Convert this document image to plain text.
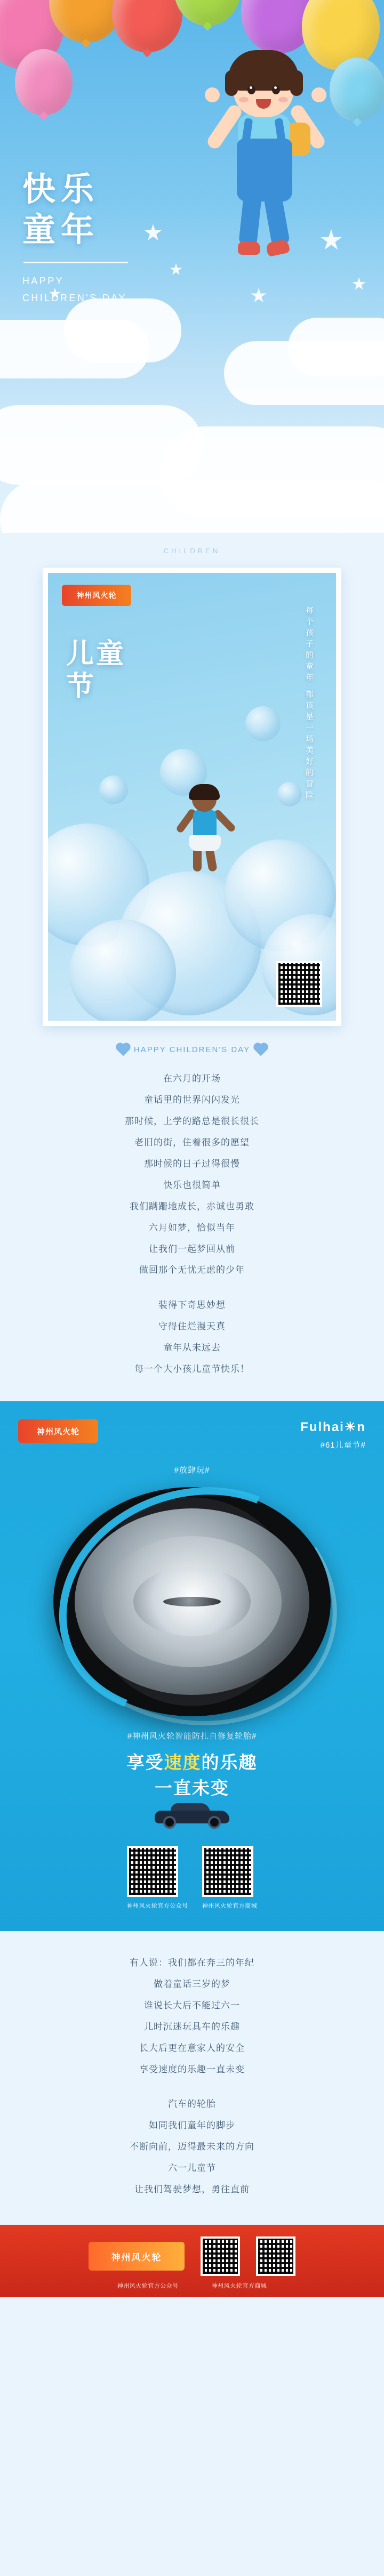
快乐
童年
HAPPY
CHILDREN'S DAY
CHILDREN
神州风火轮
每个孩子的童年 都该是一场美好的冒险
儿童
节
HAPPY CHILDREN'S DAY
在六月的开场
童话里的世界闪闪发光
那时候，上学的路总是很长很长
老旧的街，住着很多的愿望
那时候的日子过得很慢
快乐也很简单
我们蹒跚地成长，赤诚也勇敢
六月如梦，恰似当年
让我们一起梦回从前
做回那个无忧无虑的少年
装得下奇思妙想
守得住烂漫天真
童年从未远去
每一个大小孩儿童节快乐！
神州风火轮	Fulhai☀n
#61儿童节#
#放肆玩#
#神州风火轮智能防扎自修复轮胎#
享受速度的乐趣
一直未变
神州风火轮官方公众号 神州风火轮官方商城
有人说：我们都在奔三的年纪
做着童话三岁的梦
谁说长大后不能过六一
儿时沉迷玩具车的乐趣
长大后更在意家人的安全
享受速度的乐趣一直未变
汽车的轮胎
如同我们童年的脚步
不断向前，迈得最未来的方向
六一儿童节
让我们驾驶梦想，勇往直前
神州风火轮
神州风火轮官方公众号	神州风火轮官方商城
